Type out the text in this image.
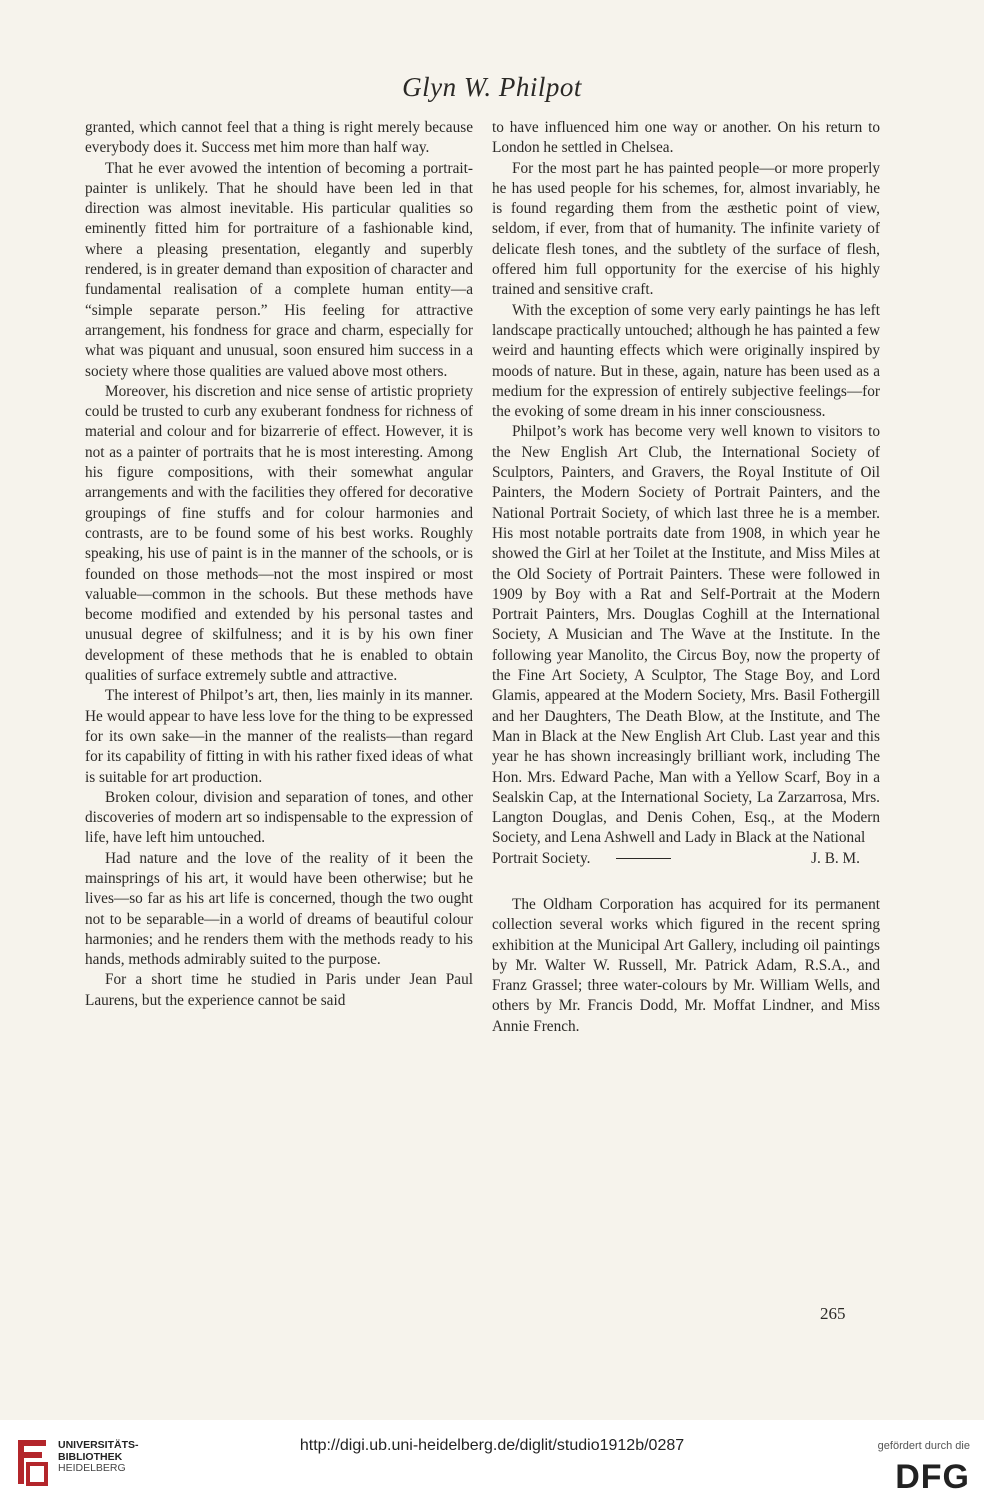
Glyn W. Philpot

granted, which cannot feel that a thing is right merely because everybody does it. Success met him more than half way.

That he ever avowed the intention of becoming a portrait-painter is unlikely. That he should have been led in that direction was almost inevitable. His particular qualities so eminently fitted him for portraiture of a fashionable kind, where a pleasing presentation, elegantly and superbly rendered, is in greater demand than exposition of character and fundamental realisation of a complete human entity—a “simple separate person.” His feeling for attractive arrangement, his fondness for grace and charm, especially for what was piquant and unusual, soon ensured him success in a society where those qualities are valued above most others.

Moreover, his discretion and nice sense of artistic propriety could be trusted to curb any exuberant fondness for richness of material and colour and for bizarrerie of effect. However, it is not as a painter of portraits that he is most interesting. Among his figure compositions, with their somewhat angular arrangements and with the facilities they offered for decorative groupings of fine stuffs and for colour harmonies and contrasts, are to be found some of his best works. Roughly speaking, his use of paint is in the manner of the schools, or is founded on those methods—not the most inspired or most valuable—common in the schools. But these methods have become modified and extended by his personal tastes and unusual degree of skilfulness; and it is by his own finer development of these methods that he is enabled to obtain qualities of surface extremely subtle and attractive.

The interest of Philpot’s art, then, lies mainly in its manner. He would appear to have less love for the thing to be expressed for its own sake—in the manner of the realists—than regard for its capability of fitting in with his rather fixed ideas of what is suitable for art production.

Broken colour, division and separation of tones, and other discoveries of modern art so indispensable to the expression of life, have left him untouched.

Had nature and the love of the reality of it been the mainsprings of his art, it would have been otherwise; but he lives—so far as his art life is concerned, though the two ought not to be separable—in a world of dreams of beautiful colour harmonies; and he renders them with the methods ready to his hands, methods admirably suited to the purpose.

For a short time he studied in Paris under Jean Paul Laurens, but the experience cannot be said

to have influenced him one way or another. On his return to London he settled in Chelsea.

For the most part he has painted people—or more properly he has used people for his schemes, for, almost invariably, he is found regarding them from the æsthetic point of view, seldom, if ever, from that of humanity. The infinite variety of delicate flesh tones, and the subtlety of the surface of flesh, offered him full opportunity for the exercise of his highly trained and sensitive craft.

With the exception of some very early paintings he has left landscape practically untouched; although he has painted a few weird and haunting effects which were originally inspired by moods of nature. But in these, again, nature has been used as a medium for the expression of entirely subjective feelings—for the evoking of some dream in his inner consciousness.

Philpot’s work has become very well known to visitors to the New English Art Club, the International Society of Sculptors, Painters, and Gravers, the Royal Institute of Oil Painters, the Modern Society of Portrait Painters, and the National Portrait Society, of which last three he is a member. His most notable portraits date from 1908, in which year he showed the Girl at her Toilet at the Institute, and Miss Miles at the Old Society of Portrait Painters. These were followed in 1909 by Boy with a Rat and Self-Portrait at the Modern Portrait Painters, Mrs. Douglas Coghill at the International Society, A Musician and The Wave at the Institute. In the following year Manolito, the Circus Boy, now the property of the Fine Art Society, A Sculptor, The Stage Boy, and Lord Glamis, appeared at the Modern Society, Mrs. Basil Fothergill and her Daughters, The Death Blow, at the Institute, and The Man in Black at the New English Art Club. Last year and this year he has shown increasingly brilliant work, including The Hon. Mrs. Edward Pache, Man with a Yellow Scarf, Boy in a Sealskin Cap, at the International Society, La Zarzarrosa, Mrs. Langton Douglas, and Denis Cohen, Esq., at the Modern Society, and Lena Ashwell and Lady in Black at the National

Portrait Society.	J. B. M.

The Oldham Corporation has acquired for its permanent collection several works which figured in the recent spring exhibition at the Municipal Art Gallery, including oil paintings by Mr. Walter W. Russell, Mr. Patrick Adam, R.S.A., and Franz Grassel; three water-colours by Mr. William Wells, and others by Mr. Francis Dodd, Mr. Moffat Lindner, and Miss Annie French.

265
UNIVERSITÄTS-
BIBLIOTHEK
HEIDELBERG
http://digi.ub.uni-heidelberg.de/diglit/studio1912b/0287	gefördert durch die
DFG
